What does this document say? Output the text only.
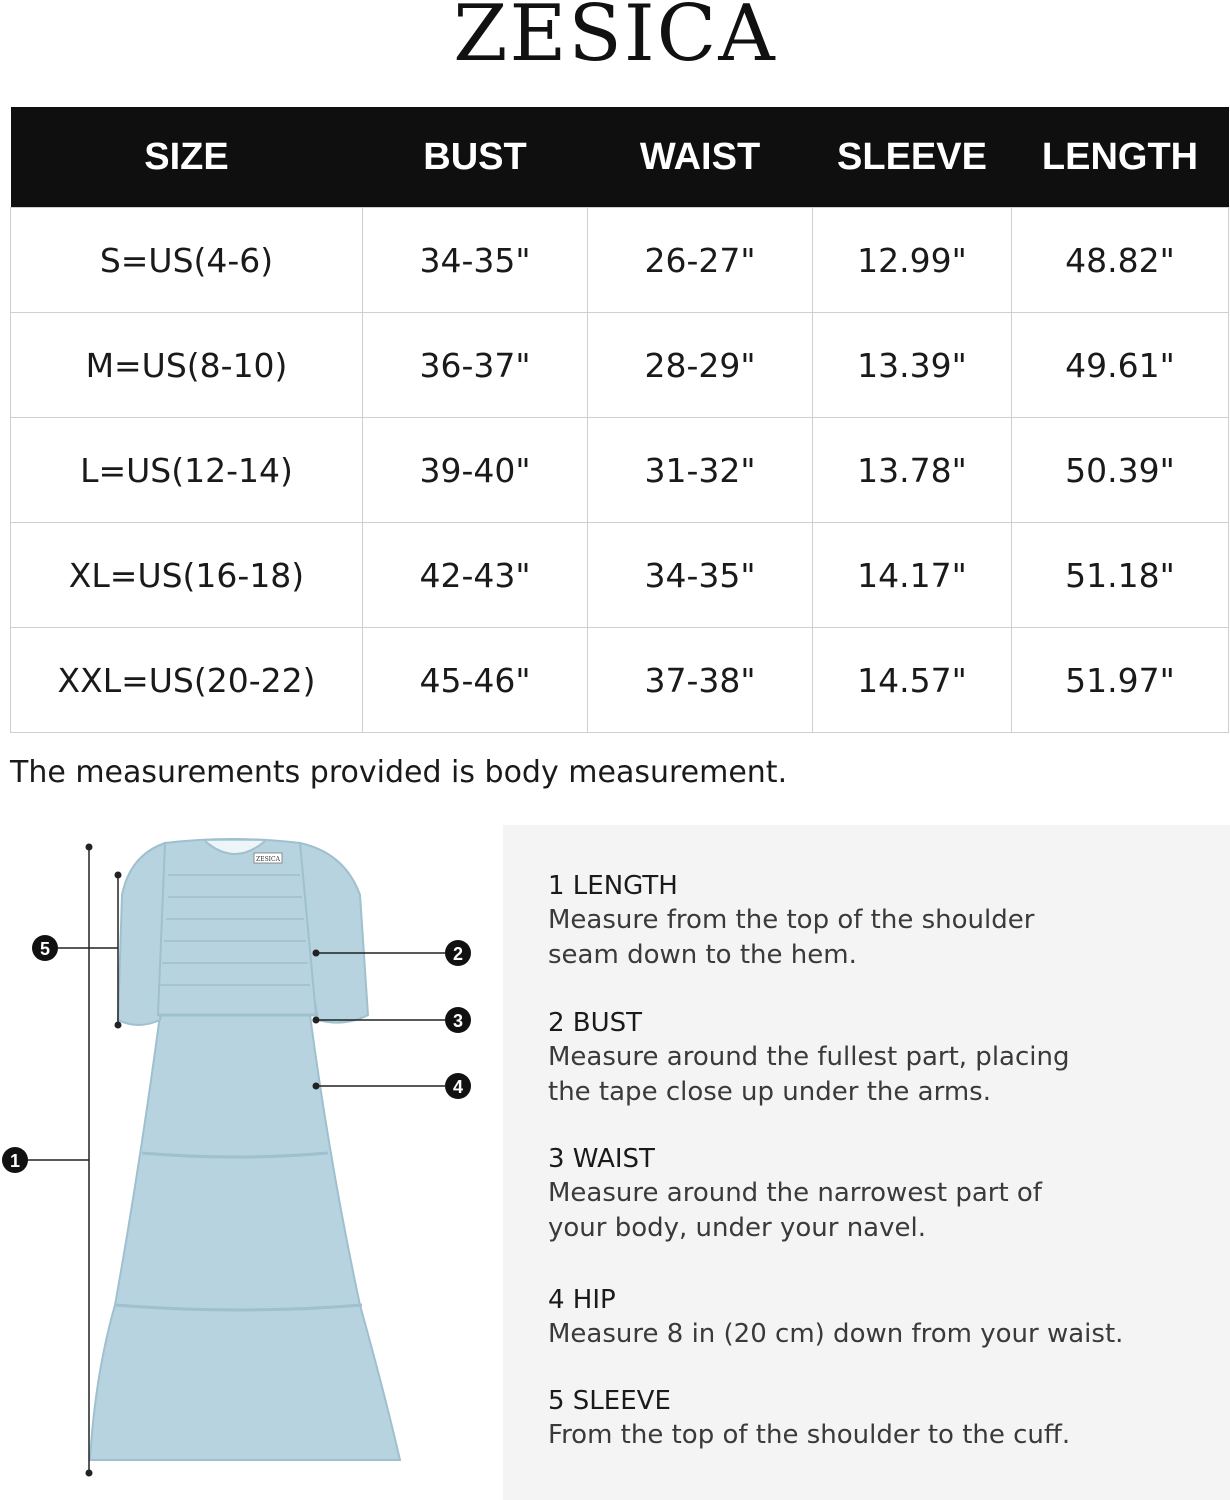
ZESICA
SIZE	BUST	WAIST	SLEEVE	LENGTH
S=US(4-6)	34-35"	26-27"	12.99"	48.82"
M=US(8-10)	36-37"	28-29"	13.39"	49.61"
L=US(12-14)	39-40"	31-32"	13.78"	50.39"
XL=US(16-18)	42-43"	34-35"	14.17"	51.18"
XXL=US(20-22)	45-46"	37-38"	14.57"	51.97"
The measurements provided is body measurement.
ZESICA
1
2
3
4
5
1 LENGTH
Measure from the top of the shoulder
seam down to the hem.
2 BUST
Measure around the fullest part, placing
the tape close up under the arms.
3 WAIST
Measure around the narrowest part of
your body, under your navel.
4 HIP
Measure 8 in (20 cm) down from your waist.
5 SLEEVE
From the top of the shoulder to the cuff.
